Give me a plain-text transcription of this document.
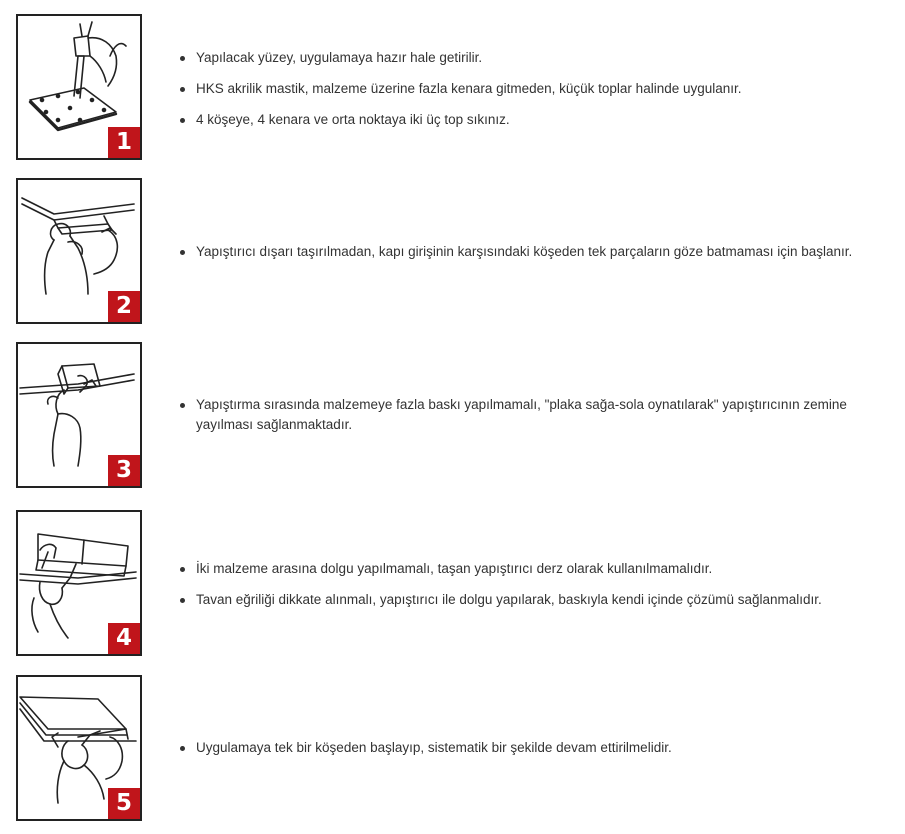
1
Yapılacak yüzey, uygulamaya hazır hale getirilir.
HKS akrilik mastik, malzeme üzerine fazla kenara gitmeden, küçük toplar halinde uygulanır.
4 köşeye, 4 kenara ve orta noktaya iki üç top sıkınız.
2
Yapıştırıcı dışarı taşırılmadan, kapı girişinin karşısındaki köşeden tek parçaların göze batmaması için başlanır.
3
Yapıştırma sırasında malzemeye fazla baskı yapılmamalı, "plaka sağa-sola oynatılarak" yapıştırıcının zemine yayılması sağlanmaktadır.
4
İki malzeme arasına dolgu yapılmamalı, taşan yapıştırıcı derz olarak kullanılmamalıdır.
Tavan eğriliği dikkate alınmalı, yapıştırıcı ile dolgu yapılarak, baskıyla kendi içinde çözümü sağlanmalıdır.
5
Uygulamaya tek bir köşeden başlayıp, sistematik bir şekilde devam ettirilmelidir.
